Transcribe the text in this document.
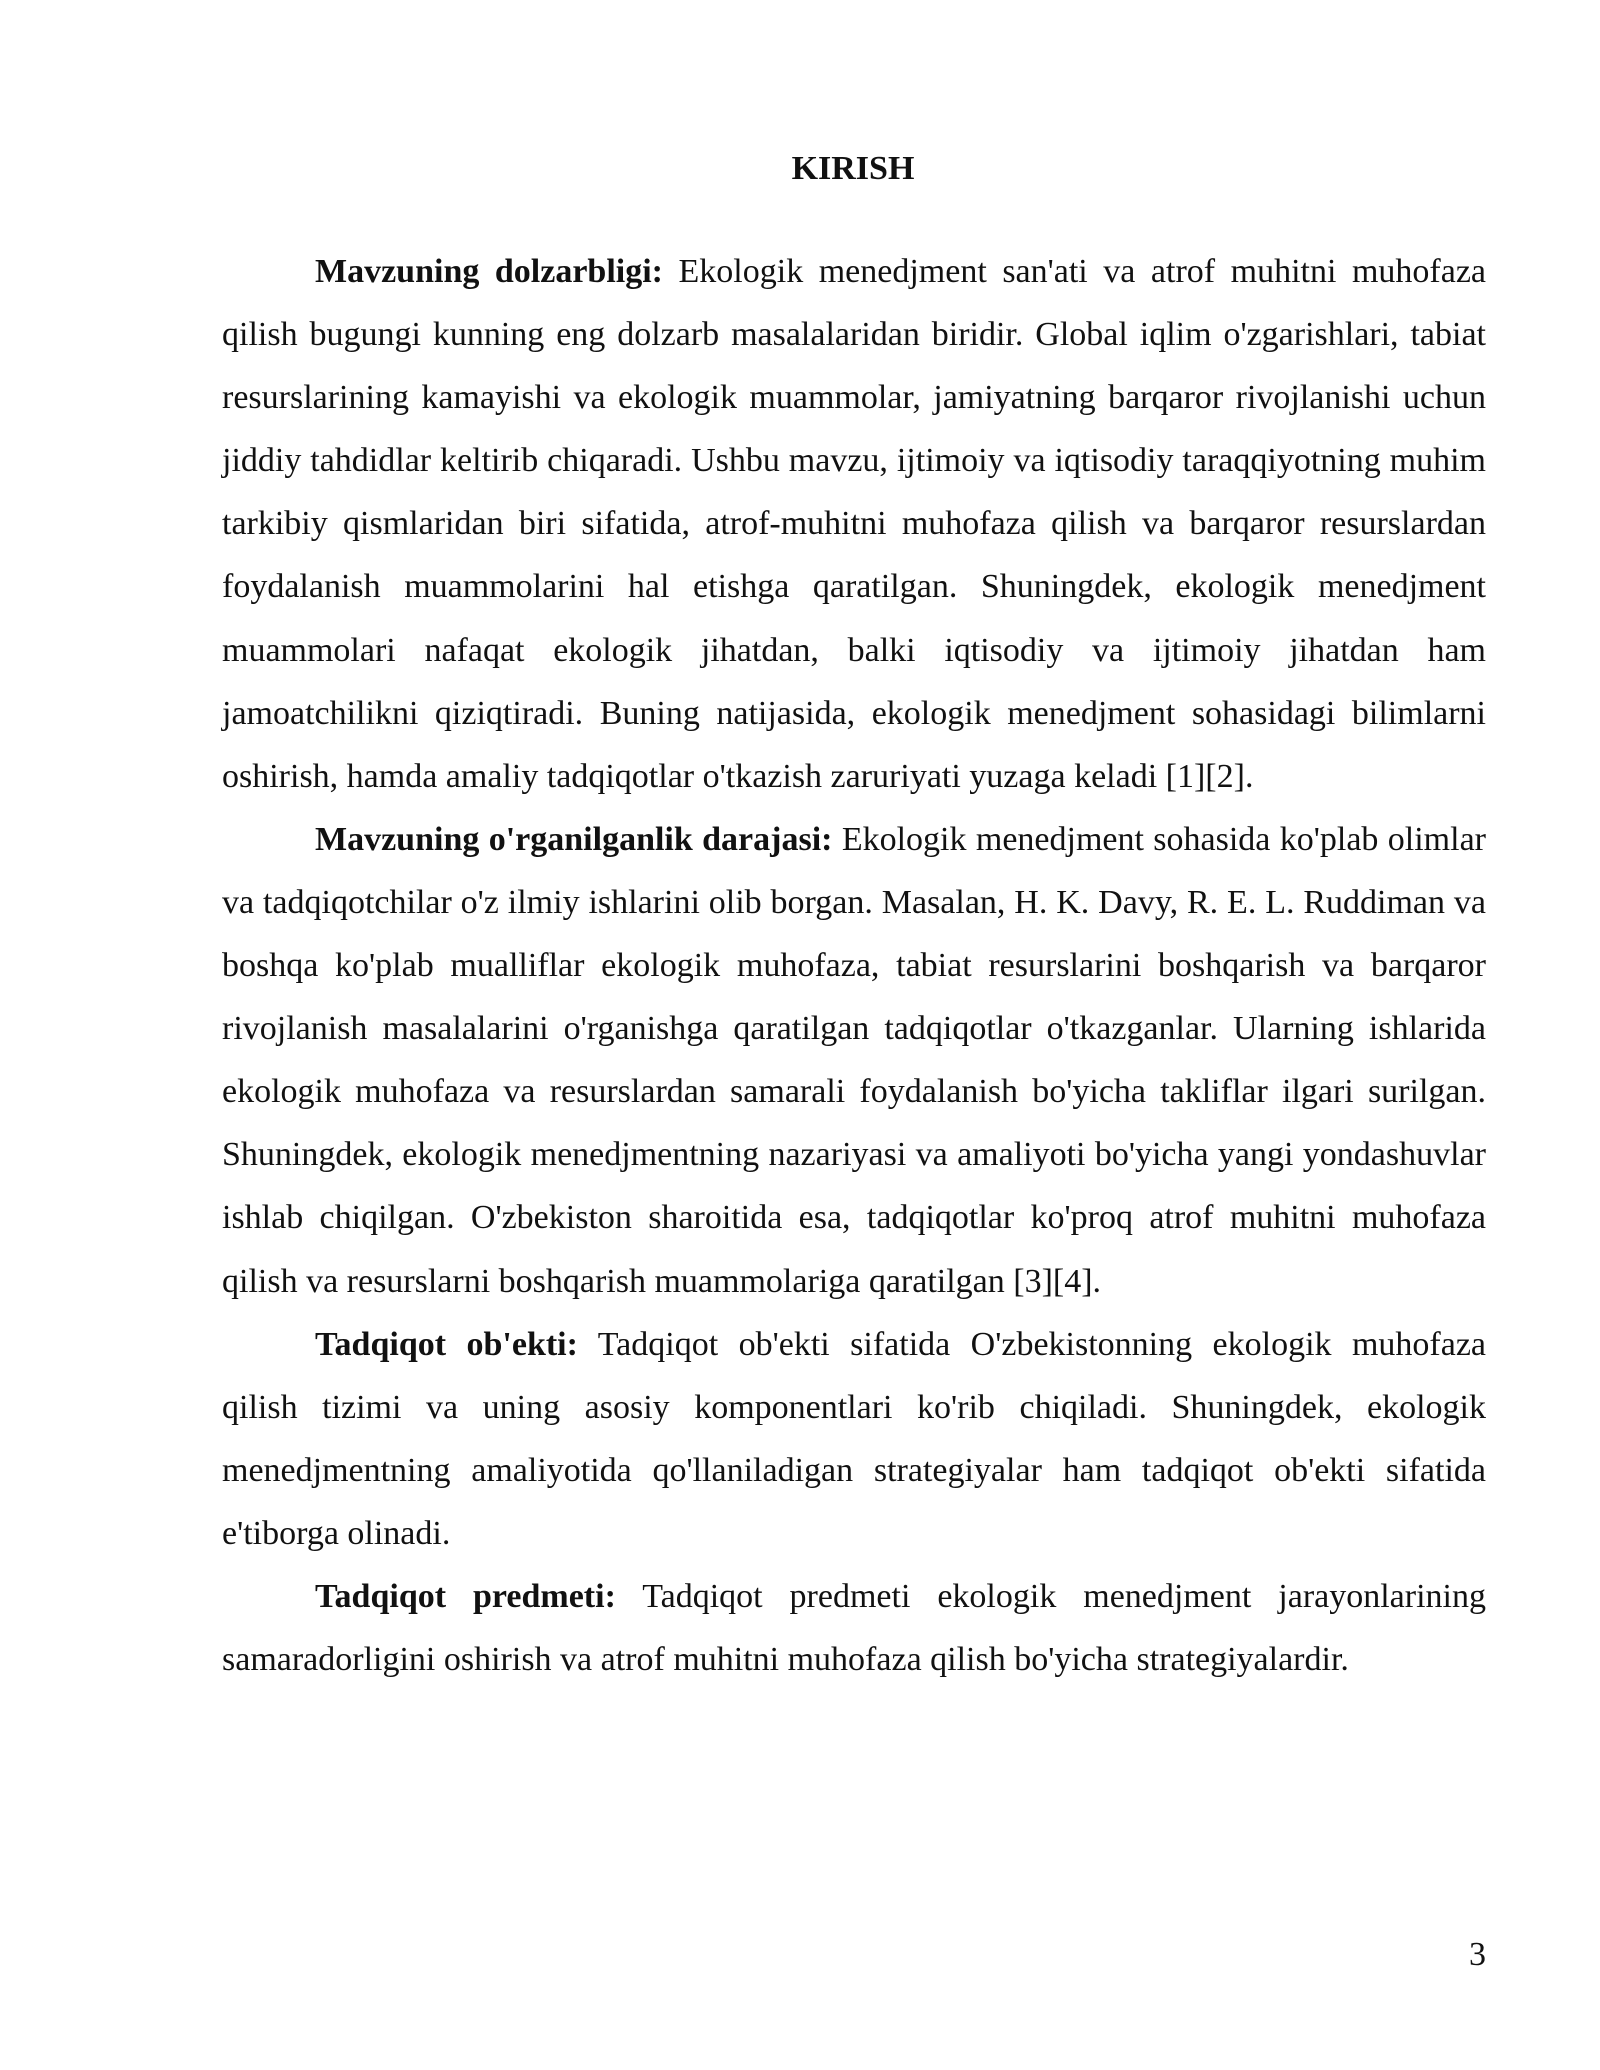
KIRISH

Mavzuning dolzarbligi: Ekologik menedjment san'ati va atrof muhitni muhofaza qilish bugungi kunning eng dolzarb masalalaridan biridir. Global iqlim o'zgarishlari, tabiat resurslarining kamayishi va ekologik muammolar, jamiyatning barqaror rivojlanishi uchun jiddiy tahdidlar keltirib chiqaradi. Ushbu mavzu, ijtimoiy va iqtisodiy taraqqiyotning muhim tarkibiy qismlaridan biri sifatida, atrof-muhitni muhofaza qilish va barqaror resurslardan foydalanish muammolarini hal etishga qaratilgan. Shuningdek, ekologik menedjment muammolari nafaqat ekologik jihatdan, balki iqtisodiy va ijtimoiy jihatdan ham jamoatchilikni qiziqtiradi. Buning natijasida, ekologik menedjment sohasidagi bilimlarni oshirish, hamda amaliy tadqiqotlar o'tkazish zaruriyati yuzaga keladi [1][2].

Mavzuning o'rganilganlik darajasi: Ekologik menedjment sohasida ko'plab olimlar va tadqiqotchilar o'z ilmiy ishlarini olib borgan. Masalan, H. K. Davy, R. E. L. Ruddiman va boshqa ko'plab mualliflar ekologik muhofaza, tabiat resurslarini boshqarish va barqaror rivojlanish masalalarini o'rganishga qaratilgan tadqiqotlar o'tkazganlar. Ularning ishlarida ekologik muhofaza va resurslardan samarali foydalanish bo'yicha takliflar ilgari surilgan. Shuningdek, ekologik menedjmentning nazariyasi va amaliyoti bo'yicha yangi yondashuvlar ishlab chiqilgan. O'zbekiston sharoitida esa, tadqiqotlar ko'proq atrof muhitni muhofaza qilish va resurslarni boshqarish muammolariga qaratilgan [3][4].

Tadqiqot ob'ekti: Tadqiqot ob'ekti sifatida O'zbekistonning ekologik muhofaza qilish tizimi va uning asosiy komponentlari ko'rib chiqiladi. Shuningdek, ekologik menedjmentning amaliyotida qo'llaniladigan strategiyalar ham tadqiqot ob'ekti sifatida e'tiborga olinadi.

Tadqiqot predmeti: Tadqiqot predmeti ekologik menedjment jarayonlarining samaradorligini oshirish va atrof muhitni muhofaza qilish bo'yicha strategiyalardir.

3
